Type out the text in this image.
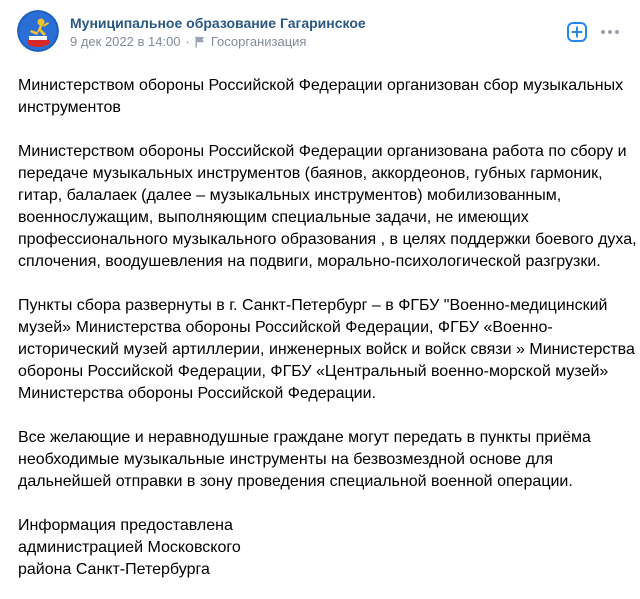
Муниципальное образование Гагаринское
9 дек 2022 в 14:00 · Госорганизация

Министерством обороны Российской Федерации организован сбор музыкальных
инструментов

Министерством обороны Российской Федерации организована работа по сбору и
передаче музыкальных инструментов (баянов, аккордеонов, губных гармоник,
гитар, балалаек (далее – музыкальных инструментов) мобилизованным,
военнослужащим, выполняющим специальные задачи, не имеющих
профессионального музыкального образования , в целях поддержки боевого духа,
сплочения, воодушевления на подвиги, морально-психологической разгрузки.

Пункты сбора развернуты в г. Санкт-Петербург – в ФГБУ "Военно-медицинский
музей» Министерства обороны Российской Федерации, ФГБУ «Военно-
исторический музей артиллерии, инженерных войск и войск связи » Министерства
обороны Российской Федерации, ФГБУ «Центральный военно-морской музей»
Министерства обороны Российской Федерации.

Все желающие и неравнодушные граждане могут передать в пункты приёма
необходимые музыкальные инструменты на безвозмездной основе для
дальнейшей отправки в зону проведения специальной военной операции.

Информация предоставлена
администрацией Московского
района Санкт-Петербурга
